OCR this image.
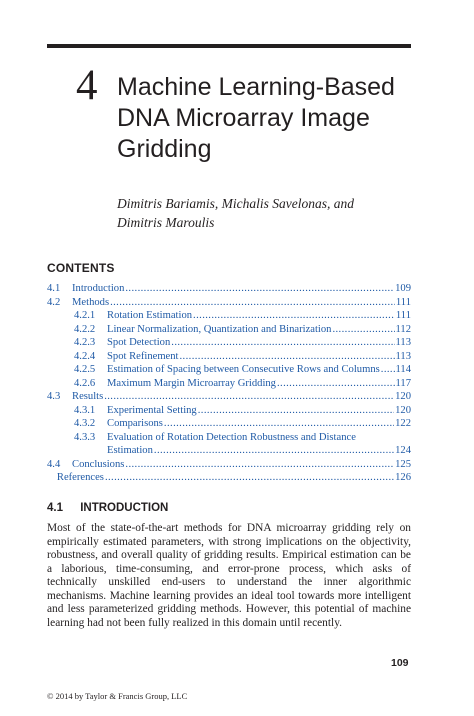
4 Machine Learning-Based
DNA Microarray Image
Gridding
Dimitris Bariamis, Michalis Savelonas, and
Dimitris Maroulis
CONTENTS
4.1	Introduction .....	109
4.2	Methods .....	111
4.2.1	Rotation Estimation .....	111
4.2.2	Linear Normalization, Quantization and Binarization .....	112
4.2.3	Spot Detection .....	113
4.2.4	Spot Refinement .....	113
4.2.5	Estimation of Spacing between Consecutive Rows and Columns ..... 114
4.2.6	Maximum Margin Microarray Gridding .....	117
4.3	Results .....	120
4.3.1	Experimental Setting .....	120
4.3.2	Comparisons .....	122
4.3.3	Evaluation of Rotation Detection Robustness and Distance
Estimation .....	124
4.4	Conclusions .....	125
References .....	126
4.1 INTRODUCTION
Most of the state-of-the-art methods for DNA microarray gridding rely on empirically estimated parameters, with strong implications on the objectivity, robustness, and overall quality of gridding results. Empirical estimation can be a laborious, time-consuming, and error-prone process, which asks of technically unskilled end-users to understand the inner algorithmic mechanisms. Machine learning provides an ideal tool towards more intelligent and less parameterized gridding methods. However, this potential of machine learning had not been fully realized in this domain until recently.
109
© 2014 by Taylor & Francis Group, LLC
